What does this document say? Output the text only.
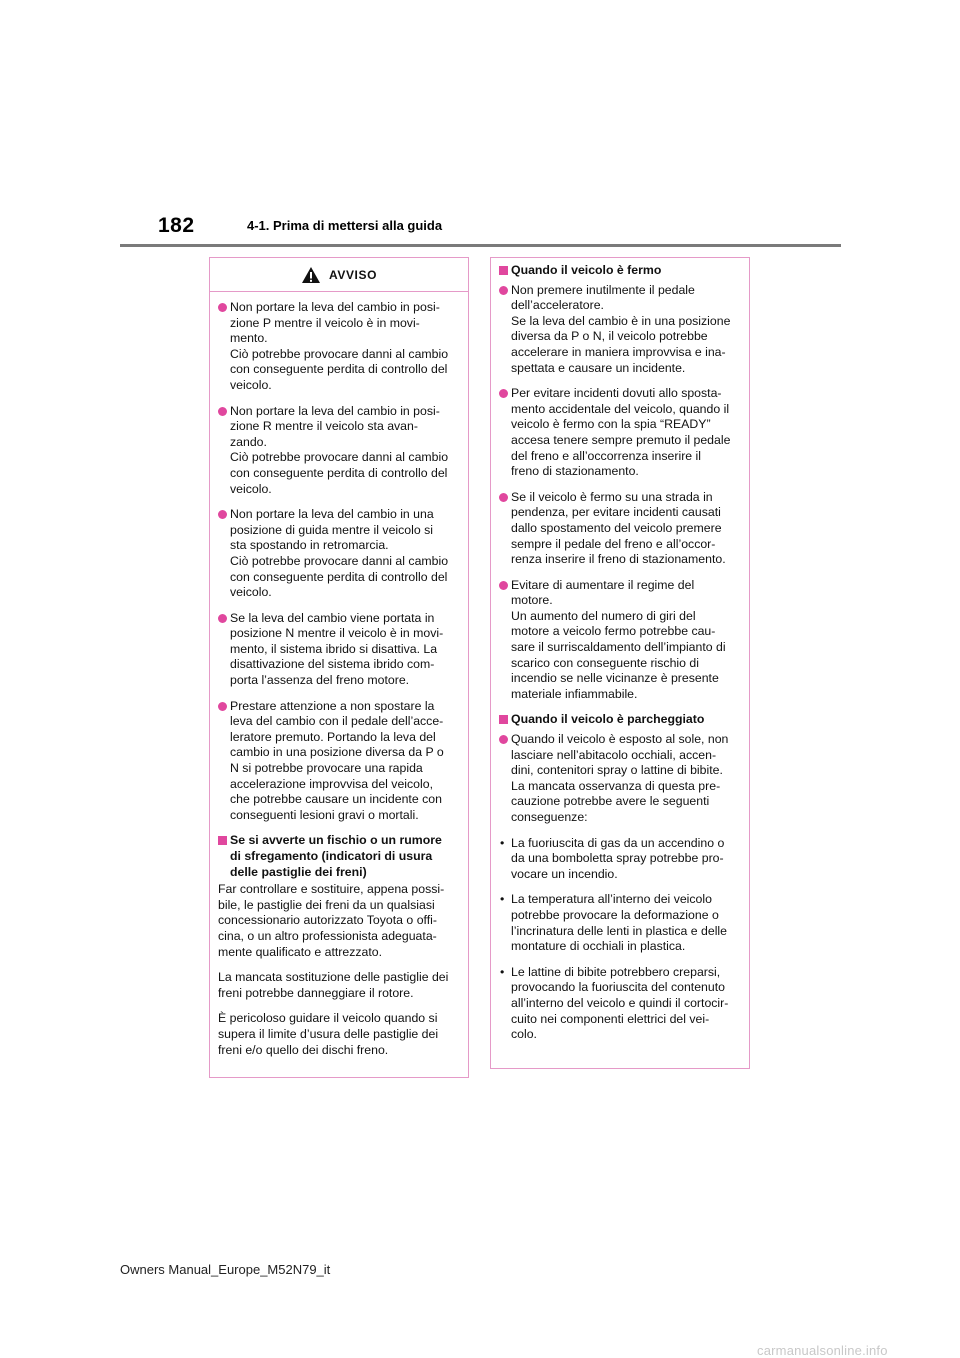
182	4-1. Prima di mettersi alla guida
AVVISO
Non portare la leva del cambio in posi-
zione P mentre il veicolo è in movi-
mento.
Ciò potrebbe provocare danni al cambio
con conseguente perdita di controllo del
veicolo.
Non portare la leva del cambio in posi-
zione R mentre il veicolo sta avan-
zando.
Ciò potrebbe provocare danni al cambio
con conseguente perdita di controllo del
veicolo.
Non portare la leva del cambio in una
posizione di guida mentre il veicolo si
sta spostando in retromarcia.
Ciò potrebbe provocare danni al cambio
con conseguente perdita di controllo del
veicolo.
Se la leva del cambio viene portata in
posizione N mentre il veicolo è in movi-
mento, il sistema ibrido si disattiva. La
disattivazione del sistema ibrido com-
porta l’assenza del freno motore.
Prestare attenzione a non spostare la
leva del cambio con il pedale dell’acce-
leratore premuto. Portando la leva del
cambio in una posizione diversa da P o
N si potrebbe provocare una rapida
accelerazione improvvisa del veicolo,
che potrebbe causare un incidente con
conseguenti lesioni gravi o mortali.
Se si avverte un fischio o un rumore
di sfregamento (indicatori di usura
delle pastiglie dei freni)
Far controllare e sostituire, appena possi-
bile, le pastiglie dei freni da un qualsiasi
concessionario autorizzato Toyota o offi-
cina, o un altro professionista adeguata-
mente qualificato e attrezzato.
La mancata sostituzione delle pastiglie dei
freni potrebbe danneggiare il rotore.
È pericoloso guidare il veicolo quando si
supera il limite d’usura delle pastiglie dei
freni e/o quello dei dischi freno.
Quando il veicolo è fermo
Non premere inutilmente il pedale
dell’acceleratore.
Se la leva del cambio è in una posizione
diversa da P o N, il veicolo potrebbe
accelerare in maniera improvvisa e ina-
spettata e causare un incidente.
Per evitare incidenti dovuti allo sposta-
mento accidentale del veicolo, quando il
veicolo è fermo con la spia “READY”
accesa tenere sempre premuto il pedale
del freno e all’occorrenza inserire il
freno di stazionamento.
Se il veicolo è fermo su una strada in
pendenza, per evitare incidenti causati
dallo spostamento del veicolo premere
sempre il pedale del freno e all’occor-
renza inserire il freno di stazionamento.
Evitare di aumentare il regime del
motore.
Un aumento del numero di giri del
motore a veicolo fermo potrebbe cau-
sare il surriscaldamento dell’impianto di
scarico con conseguente rischio di
incendio se nelle vicinanze è presente
materiale infiammabile.
Quando il veicolo è parcheggiato
Quando il veicolo è esposto al sole, non
lasciare nell’abitacolo occhiali, accen-
dini, contenitori spray o lattine di bibite.
La mancata osservanza di questa pre-
cauzione potrebbe avere le seguenti
conseguenze:
• La fuoriuscita di gas da un accendino o
da una bomboletta spray potrebbe pro-
vocare un incendio.
• La temperatura all’interno dei veicolo
potrebbe provocare la deformazione o
l’incrinatura delle lenti in plastica e delle
montature di occhiali in plastica.
• Le lattine di bibite potrebbero creparsi,
provocando la fuoriuscita del contenuto
all’interno del veicolo e quindi il cortocir-
cuito nei componenti elettrici del vei-
colo.
Owners Manual_Europe_M52N79_it
carmanualsonline.info
